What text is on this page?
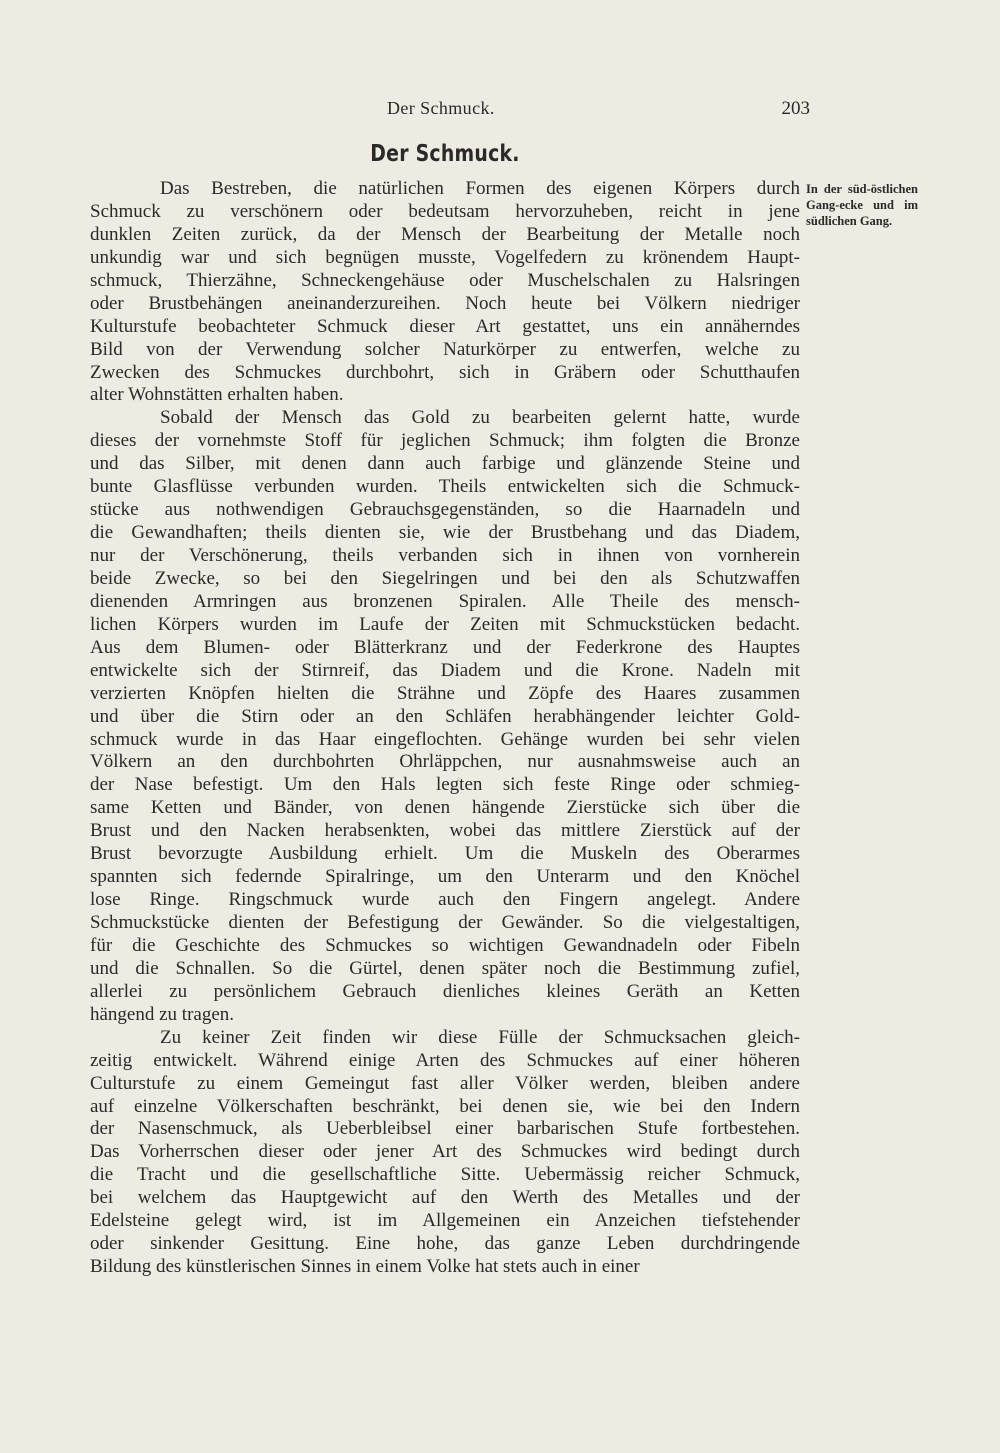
Der Schmuck.	203
Der Schmuck.
In der süd-östlichen Gang-ecke und im südlichen Gang.

Das Bestreben, die natürlichen Formen des eigenen Körpers durch
Schmuck zu verschönern oder bedeutsam hervorzuheben, reicht in jene
dunklen Zeiten zurück, da der Mensch der Bearbeitung der Metalle noch
unkundig war und sich begnügen musste, Vogelfedern zu krönendem Haupt-
schmuck, Thierzähne, Schneckengehäuse oder Muschelschalen zu Halsringen
oder Brustbehängen aneinanderzureihen. Noch heute bei Völkern niedriger
Kulturstufe beobachteter Schmuck dieser Art gestattet, uns ein annäherndes
Bild von der Verwendung solcher Naturkörper zu entwerfen, welche zu
Zwecken des Schmuckes durchbohrt, sich in Gräbern oder Schutthaufen
alter Wohnstätten erhalten haben.

Sobald der Mensch das Gold zu bearbeiten gelernt hatte, wurde
dieses der vornehmste Stoff für jeglichen Schmuck; ihm folgten die Bronze
und das Silber, mit denen dann auch farbige und glänzende Steine und
bunte Glasflüsse verbunden wurden. Theils entwickelten sich die Schmuck-
stücke aus nothwendigen Gebrauchsgegenständen, so die Haarnadeln und
die Gewandhaften; theils dienten sie, wie der Brustbehang und das Diadem,
nur der Verschönerung, theils verbanden sich in ihnen von vornherein
beide Zwecke, so bei den Siegelringen und bei den als Schutzwaffen
dienenden Armringen aus bronzenen Spiralen. Alle Theile des mensch-
lichen Körpers wurden im Laufe der Zeiten mit Schmuckstücken bedacht.
Aus dem Blumen- oder Blätterkranz und der Federkrone des Hauptes
entwickelte sich der Stirnreif, das Diadem und die Krone. Nadeln mit
verzierten Knöpfen hielten die Strähne und Zöpfe des Haares zusammen
und über die Stirn oder an den Schläfen herabhängender leichter Gold-
schmuck wurde in das Haar eingeflochten. Gehänge wurden bei sehr vielen
Völkern an den durchbohrten Ohrläppchen, nur ausnahmsweise auch an
der Nase befestigt. Um den Hals legten sich feste Ringe oder schmieg-
same Ketten und Bänder, von denen hängende Zierstücke sich über die
Brust und den Nacken herabsenkten, wobei das mittlere Zierstück auf der
Brust bevorzugte Ausbildung erhielt. Um die Muskeln des Oberarmes
spannten sich federnde Spiralringe, um den Unterarm und den Knöchel
lose Ringe. Ringschmuck wurde auch den Fingern angelegt. Andere
Schmuckstücke dienten der Befestigung der Gewänder. So die vielgestaltigen,
für die Geschichte des Schmuckes so wichtigen Gewandnadeln oder Fibeln
und die Schnallen. So die Gürtel, denen später noch die Bestimmung zufiel,
allerlei zu persönlichem Gebrauch dienliches kleines Geräth an Ketten
hängend zu tragen.

Zu keiner Zeit finden wir diese Fülle der Schmucksachen gleich-
zeitig entwickelt. Während einige Arten des Schmuckes auf einer höheren
Culturstufe zu einem Gemeingut fast aller Völker werden, bleiben andere
auf einzelne Völkerschaften beschränkt, bei denen sie, wie bei den Indern
der Nasenschmuck, als Ueberbleibsel einer barbarischen Stufe fortbestehen.
Das Vorherrschen dieser oder jener Art des Schmuckes wird bedingt durch
die Tracht und die gesellschaftliche Sitte. Uebermässig reicher Schmuck,
bei welchem das Hauptgewicht auf den Werth des Metalles und der
Edelsteine gelegt wird, ist im Allgemeinen ein Anzeichen tiefstehender
oder sinkender Gesittung. Eine hohe, das ganze Leben durchdringende
Bildung des künstlerischen Sinnes in einem Volke hat stets auch in einer
